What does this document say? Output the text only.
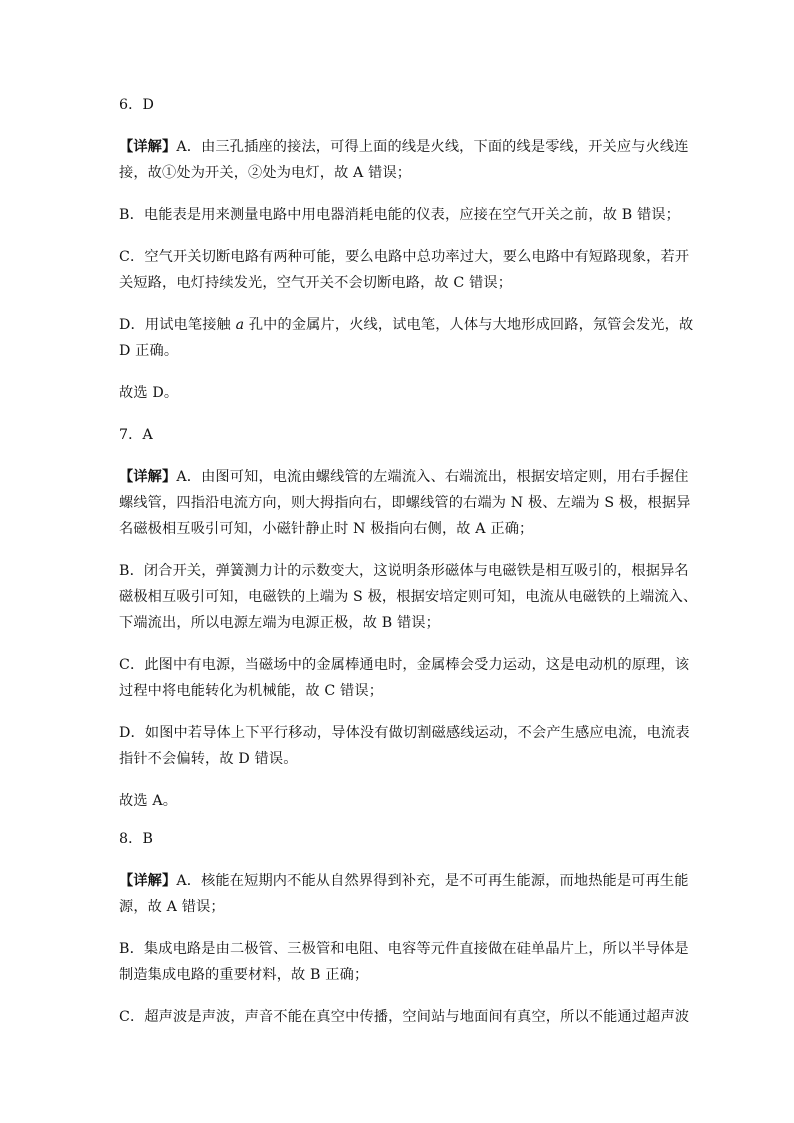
6．D
【详解】A．由三孔插座的接法，可得上面的线是火线，下面的线是零线，开关应与火线连
接，故①处为开关，②处为电灯，故 A 错误；
B．电能表是用来测量电路中用电器消耗电能的仪表，应接在空气开关之前，故 B 错误；
C．空气开关切断电路有两种可能，要么电路中总功率过大，要么电路中有短路现象，若开
关短路，电灯持续发光，空气开关不会切断电路，故 C 错误；
D．用试电笔接触 a 孔中的金属片，火线，试电笔，人体与大地形成回路，氖管会发光，故
D 正确。
故选 D。
7．A
【详解】A．由图可知，电流由螺线管的左端流入、右端流出，根据安培定则，用右手握住
螺线管，四指沿电流方向，则大拇指向右，即螺线管的右端为 N 极、左端为 S 极，根据异
名磁极相互吸引可知，小磁针静止时 N 极指向右侧，故 A 正确；
B．闭合开关，弹簧测力计的示数变大，这说明条形磁体与电磁铁是相互吸引的，根据异名
磁极相互吸引可知，电磁铁的上端为 S 极，根据安培定则可知，电流从电磁铁的上端流入、
下端流出，所以电源左端为电源正极，故 B 错误；
C．此图中有电源，当磁场中的金属棒通电时，金属棒会受力运动，这是电动机的原理，该
过程中将电能转化为机械能，故 C 错误；
D．如图中若导体上下平行移动，导体没有做切割磁感线运动，不会产生感应电流，电流表
指针不会偏转，故 D 错误。
故选 A。
8．B
【详解】A．核能在短期内不能从自然界得到补充，是不可再生能源，而地热能是可再生能
源，故 A 错误；
B．集成电路是由二极管、三极管和电阻、电容等元件直接做在硅单晶片上，所以半导体是
制造集成电路的重要材料，故 B 正确；
C．超声波是声波，声音不能在真空中传播，空间站与地面间有真空，所以不能通过超声波
